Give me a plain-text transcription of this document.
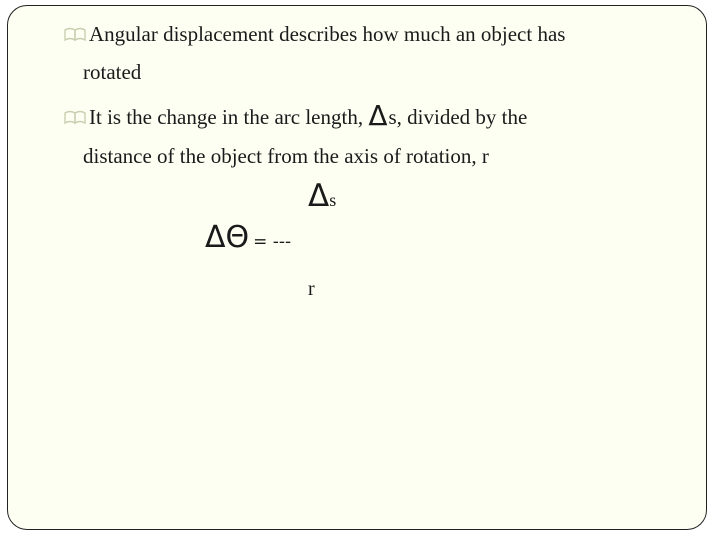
Angular displacement describes how much an object has
rotated
It is the change in the arc length, Δs, divided by the
distance of the object from the axis of rotation, r
Δs
ΔΘ = ---
r
